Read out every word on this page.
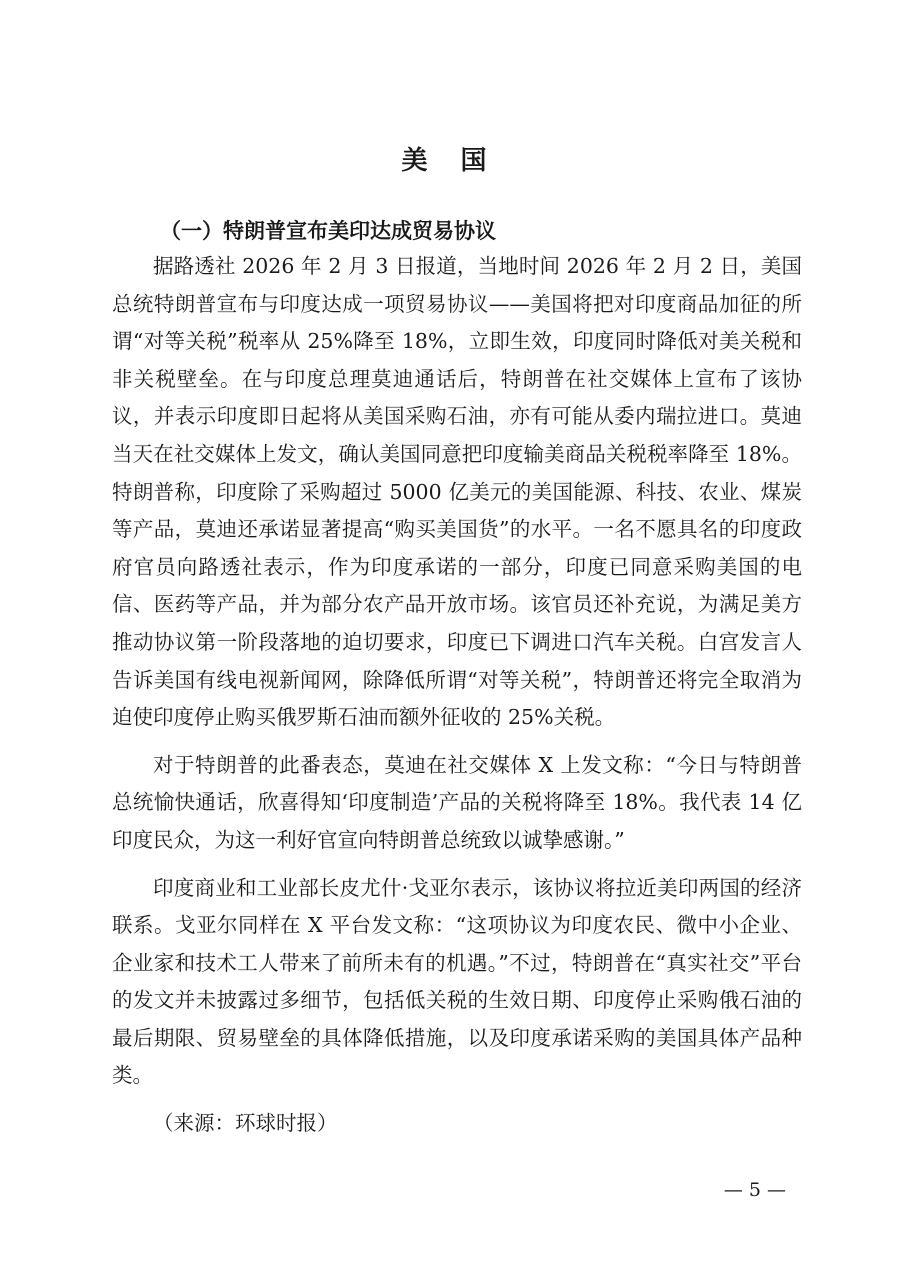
美 国
（一）特朗普宣布美印达成贸易协议

据路透社 2026 年 2 月 3 日报道，当地时间 2026 年 2 月 2 日，美国总统特朗普宣布与印度达成一项贸易协议——美国将把对印度商品加征的所谓“对等关税”税率从 25%降至 18%，立即生效，印度同时降低对美关税和非关税壁垒。在与印度总理莫迪通话后，特朗普在社交媒体上宣布了该协议，并表示印度即日起将从美国采购石油，亦有可能从委内瑞拉进口。莫迪当天在社交媒体上发文，确认美国同意把印度输美商品关税税率降至 18%。特朗普称，印度除了采购超过 5000 亿美元的美国能源、科技、农业、煤炭等产品，莫迪还承诺显著提高“购买美国货”的水平。一名不愿具名的印度政府官员向路透社表示，作为印度承诺的一部分，印度已同意采购美国的电信、医药等产品，并为部分农产品开放市场。该官员还补充说，为满足美方推动协议第一阶段落地的迫切要求，印度已下调进口汽车关税。白宫发言人告诉美国有线电视新闻网，除降低所谓“对等关税”，特朗普还将完全取消为迫使印度停止购买俄罗斯石油而额外征收的 25%关税。

对于特朗普的此番表态，莫迪在社交媒体 X 上发文称：“今日与特朗普总统愉快通话，欣喜得知‘印度制造’产品的关税将降至 18%。我代表 14 亿印度民众，为这一利好官宣向特朗普总统致以诚挚感谢。”

印度商业和工业部长皮尤什·戈亚尔表示，该协议将拉近美印两国的经济联系。戈亚尔同样在 X 平台发文称：“这项协议为印度农民、微中小企业、企业家和技术工人带来了前所未有的机遇。”不过，特朗普在“真实社交”平台的发文并未披露过多细节，包括低关税的生效日期、印度停止采购俄石油的最后期限、贸易壁垒的具体降低措施，以及印度承诺采购的美国具体产品种类。

（来源：环球时报）

— 5 —
